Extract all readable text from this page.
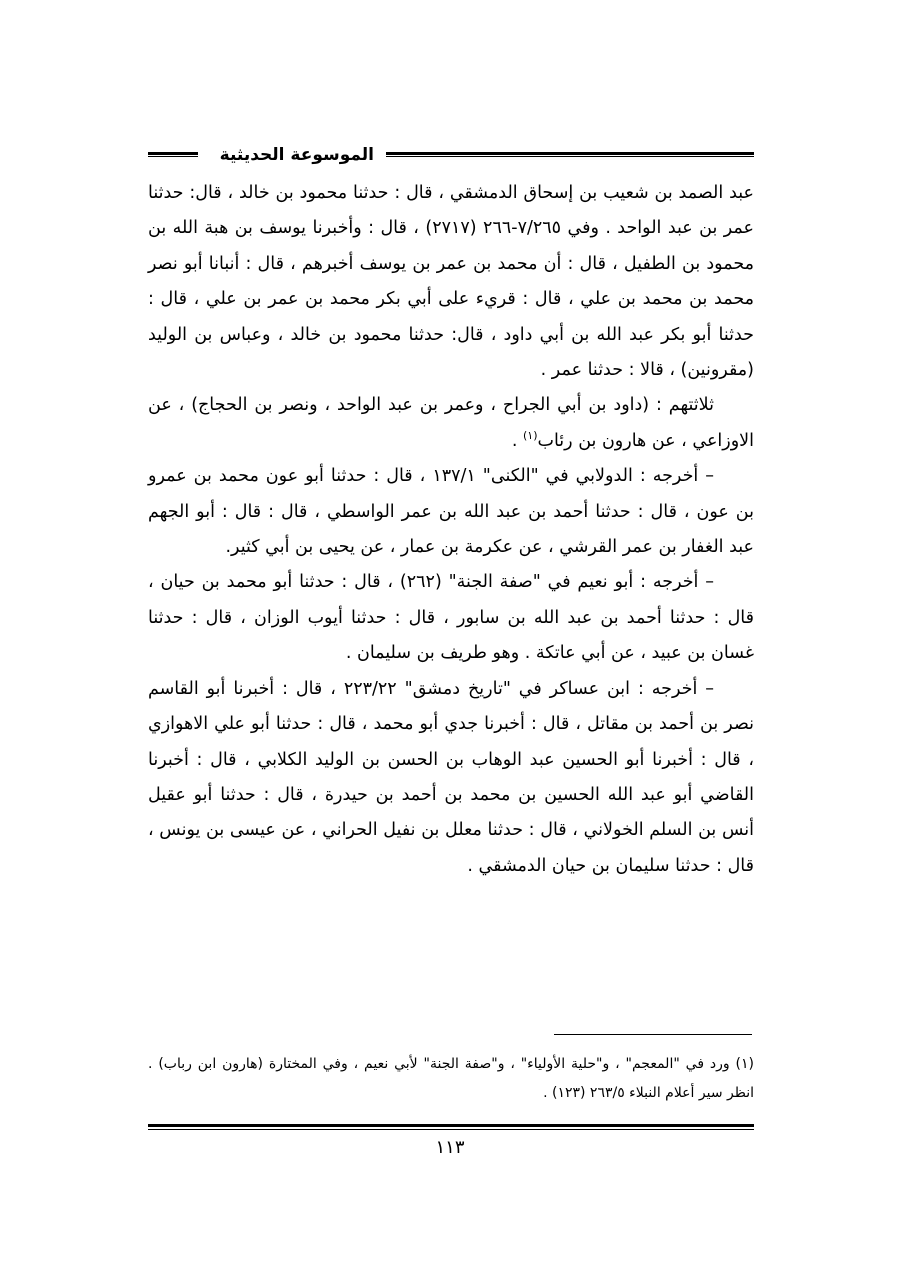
الموسوعة الحديثية

عبد الصمد بن شعيب بن إسحاق الدمشقي ، قال : حدثنا محمود بن خالد ، قال: حدثنا عمر بن عبد الواحد . وفي ٧/٢٦٥-٢٦٦ (٢٧١٧) ، قال : وأخبرنا يوسف بن هبة الله بن محمود بن الطفيل ، قال : أن محمد بن عمر بن يوسف أخبرهم ، قال : أنبانا أبو نصر محمد بن محمد بن علي ، قال : قريء على أبي بكر محمد بن عمر بن علي ، قال : حدثنا أبو بكر عبد الله بن أبي داود ، قال: حدثنا محمود بن خالد ، وعباس بن الوليد (مقرونين) ، قالا : حدثنا عمر .

ثلاثتهم : (داود بن أبي الجراح ، وعمر بن عبد الواحد ، ونصر بن الحجاج) ، عن الاوزاعي ، عن هارون بن رئاب$^{(١)}$ .

– أخرجه : الدولابي في "الكنى" ١٣٧/١ ، قال : حدثنا أبو عون محمد بن عمرو بن عون ، قال : حدثنا أحمد بن عبد الله بن عمر الواسطي ، قال : قال : أبو الجهم عبد الغفار بن عمر القرشي ، عن عكرمة بن عمار ، عن يحيى بن أبي كثير.

– أخرجه : أبو نعيم في "صفة الجنة" (٢٦٢) ، قال : حدثنا أبو محمد بن حيان ، قال : حدثنا أحمد بن عبد الله بن سابور ، قال : حدثنا أيوب الوزان ، قال : حدثنا غسان بن عبيد ، عن أبي عاتكة . وهو طريف بن سليمان .

– أخرجه : ابن عساكر في "تاريخ دمشق" ٢٢٣/٢٢ ، قال : أخبرنا أبو القاسم نصر بن أحمد بن مقاتل ، قال : أخبرنا جدي أبو محمد ، قال : حدثنا أبو علي الاهوازي ، قال : أخبرنا أبو الحسين عبد الوهاب بن الحسن بن الوليد الكلابي ، قال : أخبرنا القاضي أبو عبد الله الحسين بن محمد بن أحمد بن حيدرة ، قال : حدثنا أبو عقيل أنس بن السلم الخولاني ، قال : حدثنا معلل بن نفيل الحراني ، عن عيسى بن يونس ، قال : حدثنا سليمان بن حيان الدمشقي .

(١) ورد في "المعجم" ، و"حلية الأولياء" ، و"صفة الجنة" لأبي نعيم ، وفي المختارة (هارون ابن رباب) . انظر سير أعلام النبلاء ٢٦٣/٥ (١٢٣) .

١١٣
